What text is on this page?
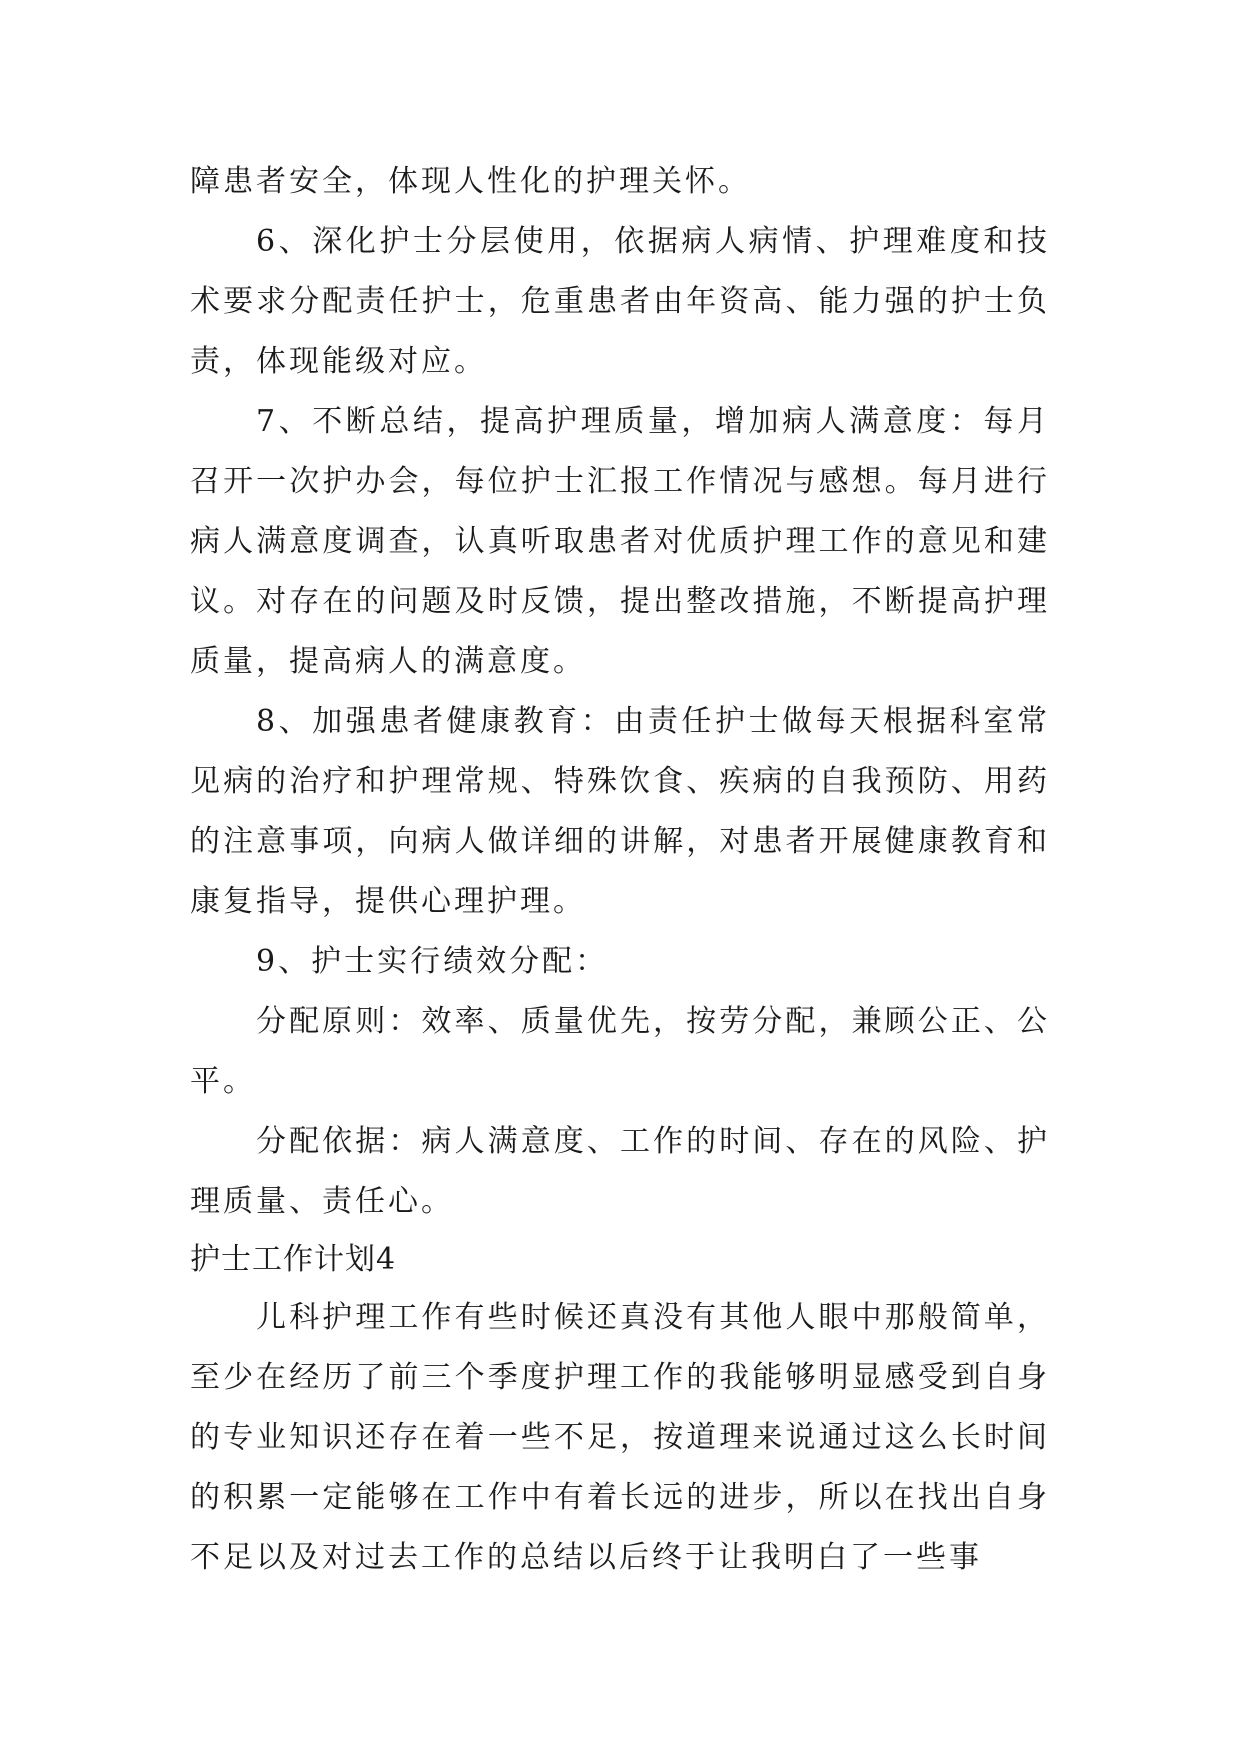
障患者安全，体现人性化的护理关怀。

6、深化护士分层使用，依据病人病情、护理难度和技术要求分配责任护士，危重患者由年资高、能力强的护士负责，体现能级对应。

7、不断总结，提高护理质量，增加病人满意度：每月召开一次护办会，每位护士汇报工作情况与感想。每月进行病人满意度调查，认真听取患者对优质护理工作的意见和建议。对存在的问题及时反馈，提出整改措施，不断提高护理质量，提高病人的满意度。

8、加强患者健康教育：由责任护士做每天根据科室常见病的治疗和护理常规、特殊饮食、疾病的自我预防、用药的注意事项，向病人做详细的讲解，对患者开展健康教育和康复指导，提供心理护理。

9、护士实行绩效分配：

分配原则：效率、质量优先，按劳分配，兼顾公正、公平。

分配依据：病人满意度、工作的时间、存在的风险、护理质量、责任心。

护士工作计划4

儿科护理工作有些时候还真没有其他人眼中那般简单，至少在经历了前三个季度护理工作的我能够明显感受到自身的专业知识还存在着一些不足，按道理来说通过这么长时间的积累一定能够在工作中有着长远的进步，所以在找出自身不足以及对过去工作的总结以后终于让我明白了一些事
